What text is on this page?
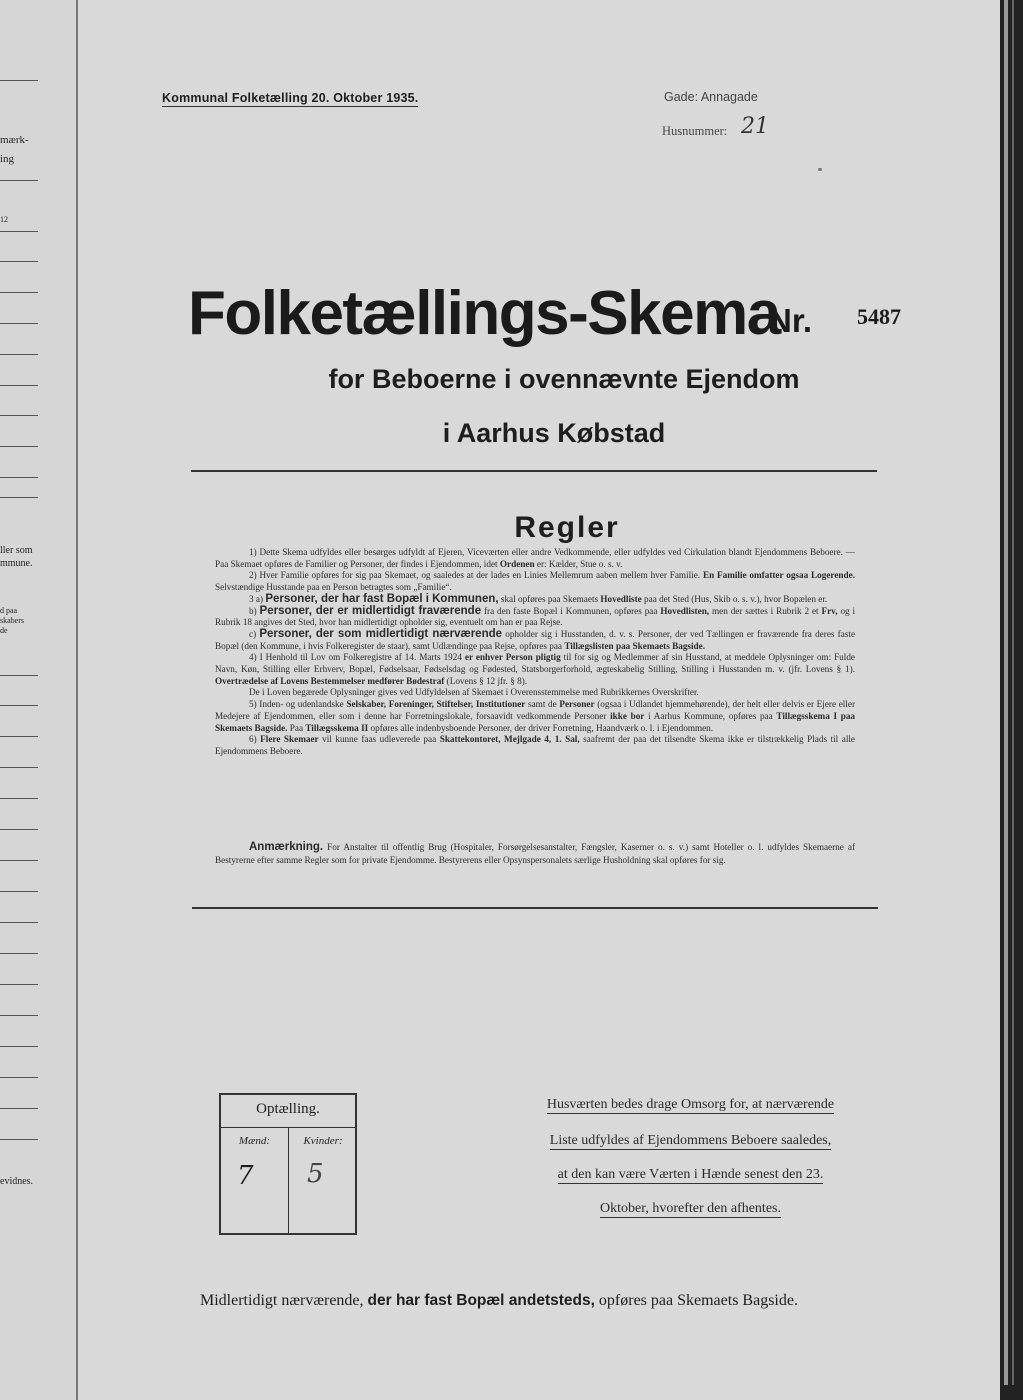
mærk-
ing
12
ller som
mmune.
d paa
skabers
de
evidnes.
Kommunal Folketælling 20. Oktober 1935.	Gade: Annagade
Husnummer: 21
Folketællings-Skema
Nr. 5487
for Beboerne i ovennævnte Ejendom
i Aarhus Købstad
Regler

1) Dette Skema udfyldes eller besørges udfyldt af Ejeren, Viceværten eller andre Vedkommende, eller udfyldes ved Cirkulation blandt Ejendommens Beboere. — Paa Skemaet opføres de Familier og Personer, der findes i Ejendommen, idet Ordenen er: Kælder, Stue o. s. v.

2) Hver Familie opføres for sig paa Skemaet, og saaledes at der lades en Linies Mellemrum aaben mellem hver Familie. En Familie omfatter ogsaa Logerende. Selvstændige Husstande paa en Person betragtes som „Familie“.

3 a) Personer, der har fast Bopæl i Kommunen, skal opføres paa Skemaets Hovedliste paa det Sted (Hus, Skib o. s. v.), hvor Bopælen er.

b) Personer, der er midlertidigt fraværende fra den faste Bopæl i Kommunen, opføres paa Hovedlisten, men der sættes i Rubrik 2 et Frv, og i Rubrik 18 angives det Sted, hvor han midlertidigt opholder sig, eventuelt om han er paa Rejse.

c) Personer, der som midlertidigt nærværende opholder sig i Husstanden, d. v. s. Personer, der ved Tællingen er fraværende fra deres faste Bopæl (den Kommune, i hvis Folkeregister de staar), samt Udlændinge paa Rejse, opføres paa Tillægslisten paa Skemaets Bagside.

4) I Henhold til Lov om Folkeregistre af 14. Marts 1924 er enhver Person pligtig til for sig og Medlemmer af sin Husstand, at meddele Oplysninger om: Fulde Navn, Køn, Stilling eller Erhverv, Bopæl, Fødselsaar, Fødselsdag og Fødested, Statsborgerforhold, ægteskabelig Stilling, Stilling i Husstanden m. v. (jfr. Lovens § 1). Overtrædelse af Lovens Bestemmelser medfører Bødestraf (Lovens § 12 jfr. § 8).

De i Loven begærede Oplysninger gives ved Udfyldelsen af Skemaet i Overensstemmelse med Rubrikkernes Overskrifter.

5) Inden- og udenlandske Selskaber, Foreninger, Stiftelser, Institutioner samt de Personer (ogsaa i Udlandet hjemmehørende), der helt eller delvis er Ejere eller Medejere af Ejendommen, eller som i denne har Forretningslokale, forsaavidt vedkommende Personer ikke bor i Aarhus Kommune, opføres paa Tillægsskema I paa Skemaets Bagside. Paa Tillægsskema II opføres alle indenbysboende Personer, der driver Forretning, Haandværk o. l. i Ejendommen.

6) Flere Skemaer vil kunne faas udleverede paa Skattekontoret, Mejlgade 4, 1. Sal, saafremt der paa det tilsendte Skema ikke er tilstrækkelig Plads til alle Ejendommens Beboere.

Anmærkning. For Anstalter til offentlig Brug (Hospitaler, Forsørgelsesanstalter, Fængsler, Kaserner o. s. v.) samt Hoteller o. l. udfyldes Skemaerne af Bestyrerne efter samme Regler som for private Ejendomme. Bestyrerens eller Opsynspersonalets særlige Husholdning skal opføres for sig.

Optælling.
Mænd:	Kvinder:
7 5
Husværten bedes drage Omsorg for, at nærværende
Liste udfyldes af Ejendommens Beboere saaledes,
at den kan være Værten i Hænde senest den 23.
Oktober, hvorefter den afhentes.
Midlertidigt nærværende, der har fast Bopæl andetsteds, opføres paa Skemaets Bagside.
